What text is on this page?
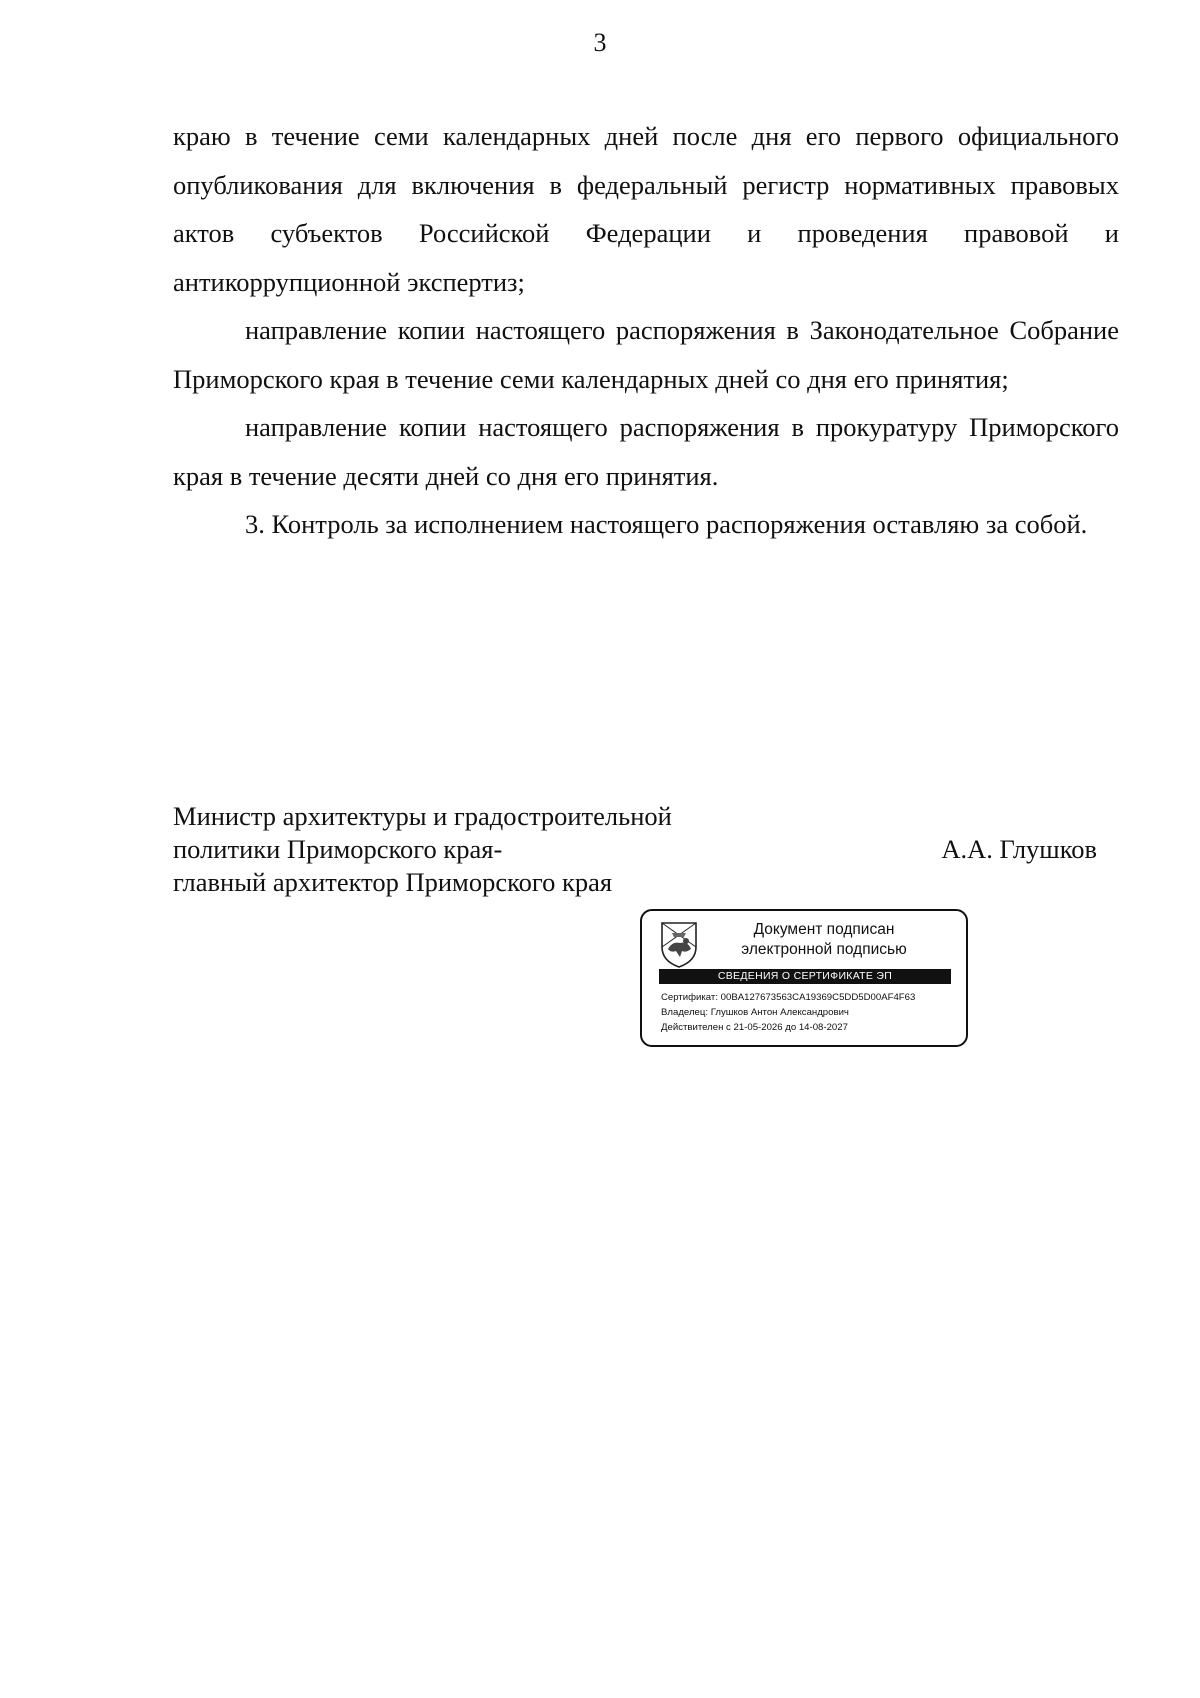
3

краю в течение семи календарных дней после дня его первого официального опубликования для включения в федеральный регистр нормативных правовых актов субъектов Российской Федерации и проведения правовой и антикоррупционной экспертиз;

направление копии настоящего распоряжения в Законодательное Собрание Приморского края в течение семи календарных дней со дня его принятия;

направление копии настоящего распоряжения в прокуратуру Приморского края в течение десяти дней со дня его принятия.

3. Контроль за исполнением настоящего распоряжения оставляю за собой.

Министр архитектуры и градостроительной
политики Приморского края-
главный архитектор Приморского края
А.А. Глушков
Документ подписан
электронной подписью
СВЕДЕНИЯ О СЕРТИФИКАТЕ ЭП
Сертификат: 00BA127673563CA19369C5DD5D00AF4F63
Владелец: Глушков Антон Александрович
Действителен с 21-05-2026 до 14-08-2027
